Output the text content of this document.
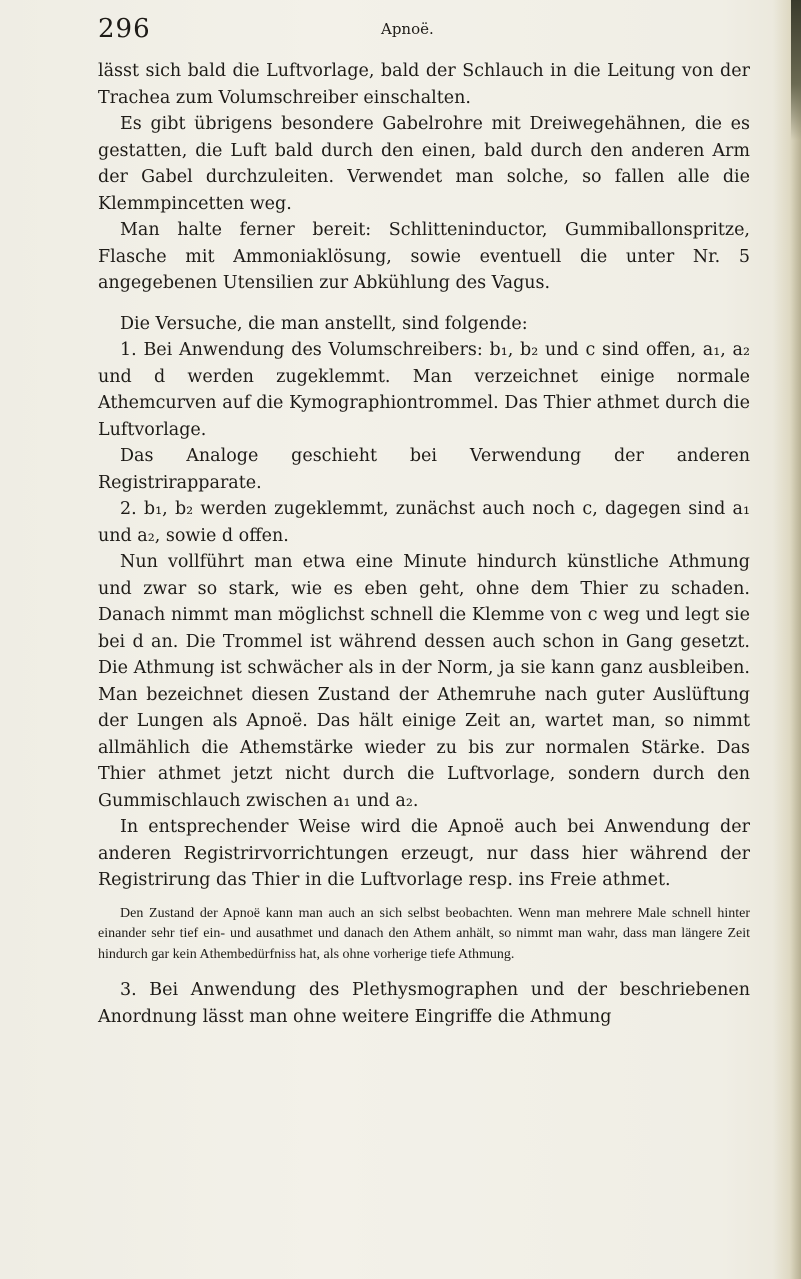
296	Apnoë.

lässt sich bald die Luftvorlage, bald der Schlauch in die Leitung von der Trachea zum Volumschreiber einschalten.

Es gibt übrigens besondere Gabelrohre mit Dreiwegehähnen, die es gestatten, die Luft bald durch den einen, bald durch den anderen Arm der Gabel durchzuleiten. Verwendet man solche, so fallen alle die Klemmpincetten weg.

Man halte ferner bereit: Schlitteninductor, Gummiballonspritze, Flasche mit Ammoniaklösung, sowie eventuell die unter Nr. 5 angegebenen Utensilien zur Abkühlung des Vagus.

Die Versuche, die man anstellt, sind folgende:

1. Bei Anwendung des Volumschreibers: b₁, b₂ und c sind offen, a₁, a₂ und d werden zugeklemmt. Man verzeichnet einige normale Athemcurven auf die Kymographiontrommel. Das Thier athmet durch die Luftvorlage.

Das Analoge geschieht bei Verwendung der anderen Registrirapparate.

2. b₁, b₂ werden zugeklemmt, zunächst auch noch c, dagegen sind a₁ und a₂, sowie d offen.

Nun vollführt man etwa eine Minute hindurch künstliche Athmung und zwar so stark, wie es eben geht, ohne dem Thier zu schaden. Danach nimmt man möglichst schnell die Klemme von c weg und legt sie bei d an. Die Trommel ist während dessen auch schon in Gang gesetzt. Die Athmung ist schwächer als in der Norm, ja sie kann ganz ausbleiben. Man bezeichnet diesen Zustand der Athemruhe nach guter Auslüftung der Lungen als Apnoë. Das hält einige Zeit an, wartet man, so nimmt allmählich die Athemstärke wieder zu bis zur normalen Stärke. Das Thier athmet jetzt nicht durch die Luftvorlage, sondern durch den Gummischlauch zwischen a₁ und a₂.

In entsprechender Weise wird die Apnoë auch bei Anwendung der anderen Registrirvorrichtungen erzeugt, nur dass hier während der Registrirung das Thier in die Luftvorlage resp. ins Freie athmet.

Den Zustand der Apnoë kann man auch an sich selbst beobachten. Wenn man mehrere Male schnell hinter einander sehr tief ein- und ausathmet und danach den Athem anhält, so nimmt man wahr, dass man längere Zeit hindurch gar kein Athembedürfniss hat, als ohne vorherige tiefe Athmung.

3. Bei Anwendung des Plethysmographen und der beschriebenen Anordnung lässt man ohne weitere Eingriffe die Athmung
